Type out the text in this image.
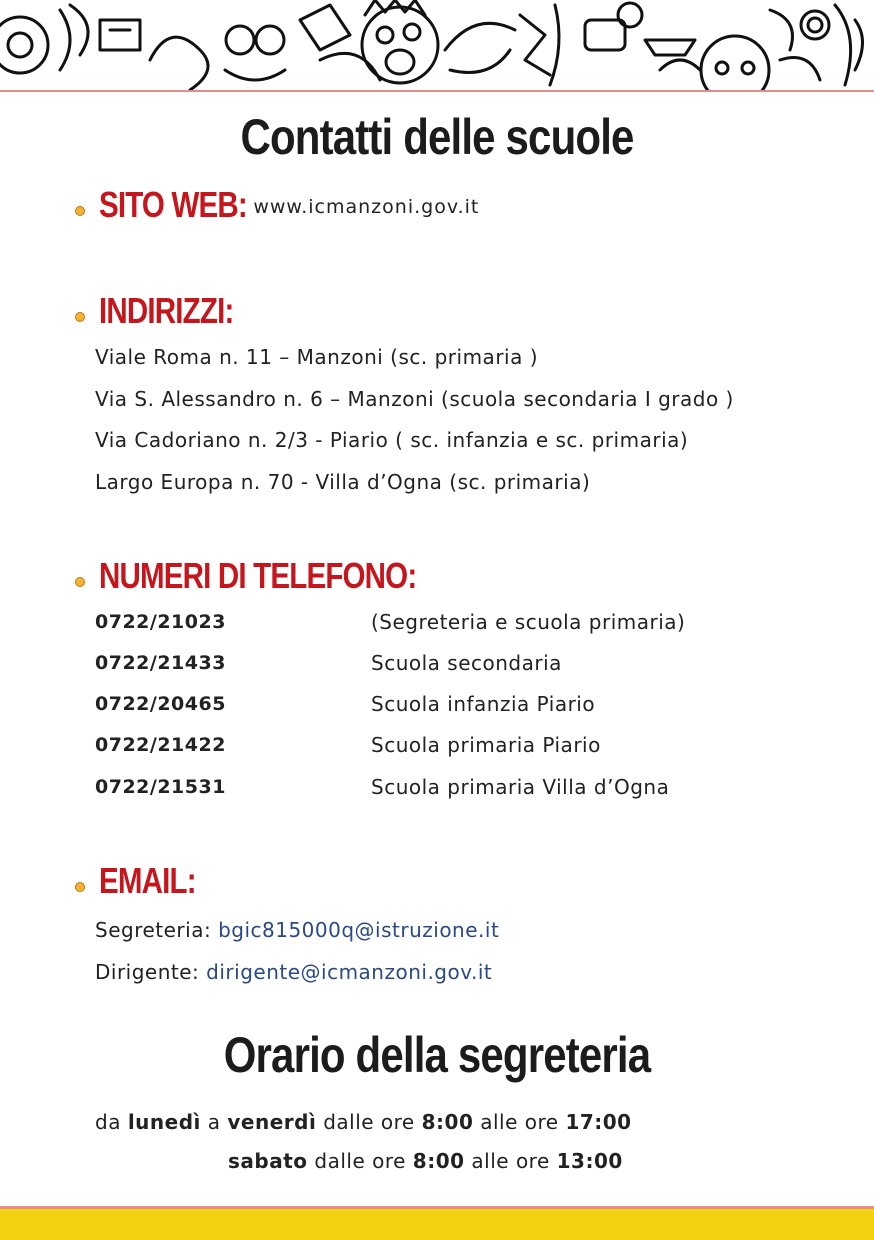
Contatti delle scuole
SITO WEB: www.icmanzoni.gov.it
INDIRIZZI:
Viale Roma n. 11 – Manzoni (sc. primaria )
Via S. Alessandro n. 6 – Manzoni (scuola secondaria I grado )
Via Cadoriano n. 2/3 - Piario ( sc. infanzia e sc. primaria)
Largo Europa n. 70 - Villa d’Ogna (sc. primaria)
NUMERI DI TELEFONO:
0722/21023	(Segreteria e scuola primaria)
0722/21433	Scuola secondaria
0722/20465	Scuola infanzia Piario
0722/21422	Scuola primaria Piario
0722/21531	Scuola primaria Villa d’Ogna
EMAIL:
Segreteria: bgic815000q@istruzione.it
Dirigente: dirigente@icmanzoni.gov.it
Orario della segreteria
da lunedì a venerdì dalle ore 8:00 alle ore 17:00
sabato dalle ore 8:00 alle ore 13:00
